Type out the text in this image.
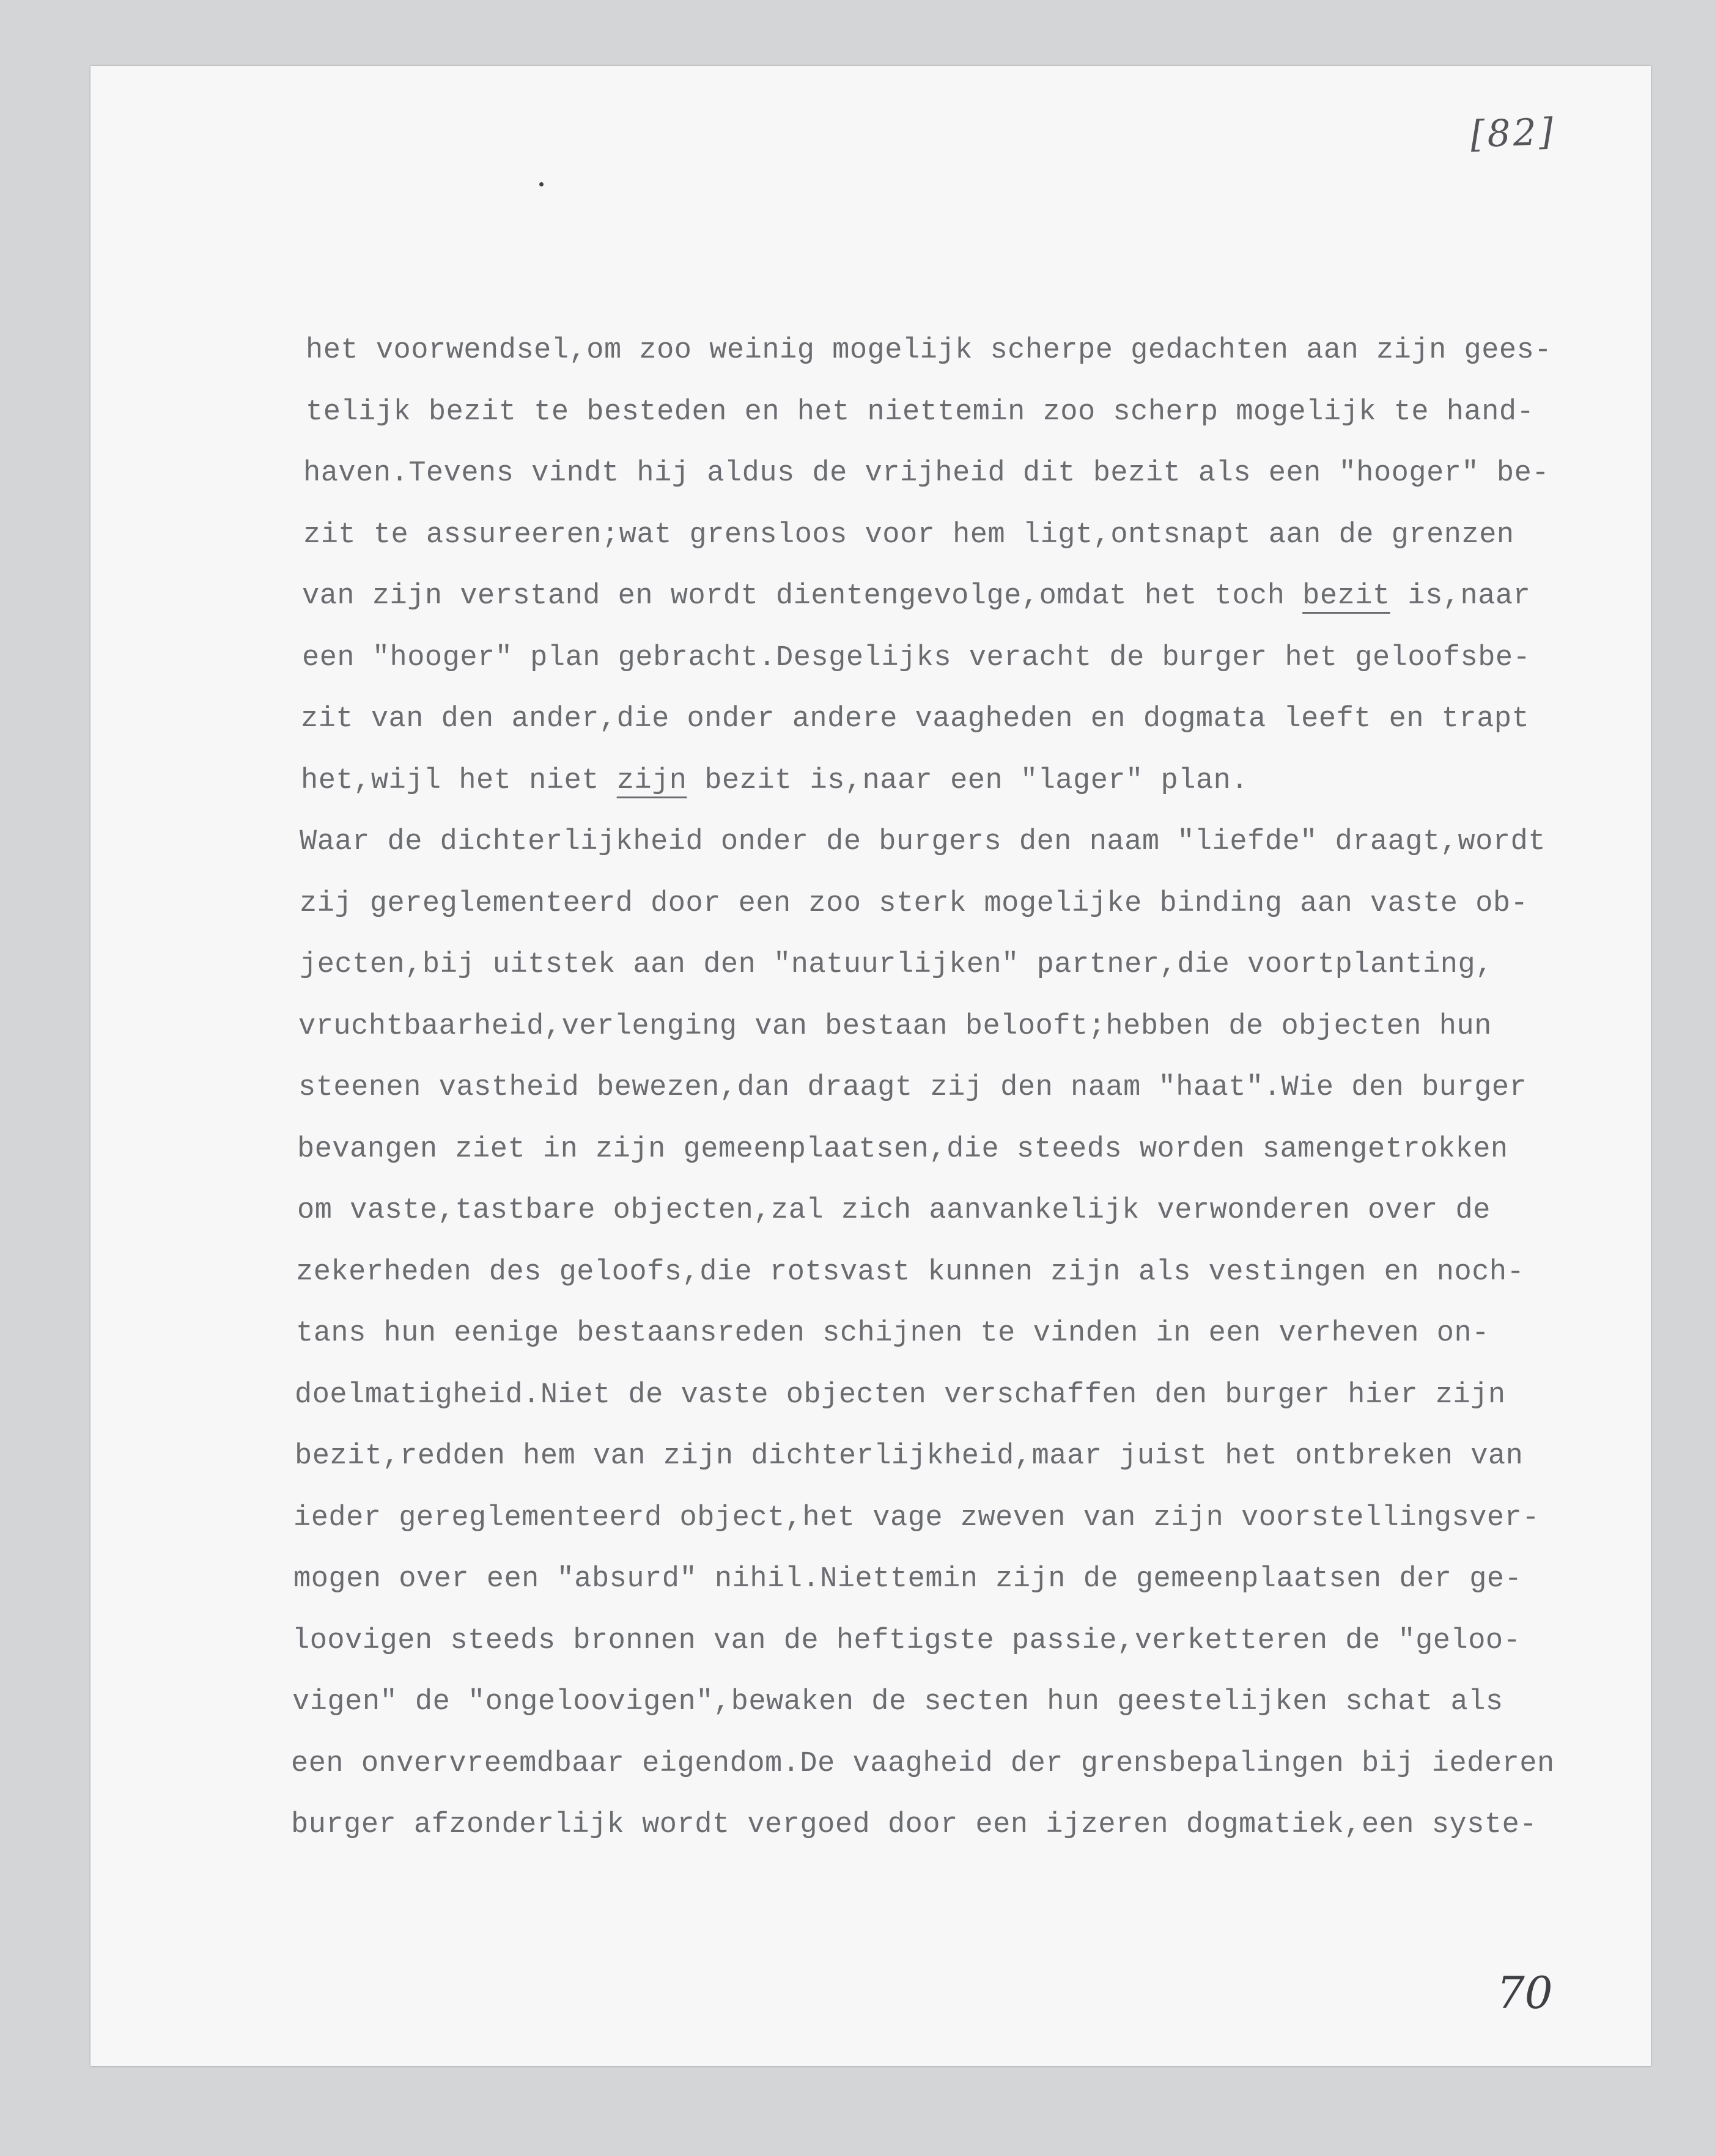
[82]
het voorwendsel,om zoo weinig mogelijk scherpe gedachten aan zijn gees-
telijk bezit te besteden en het niettemin zoo scherp mogelijk te hand-
haven.Tevens vindt hij aldus de vrijheid dit bezit als een "hooger" be-
zit te assureeren;wat grensloos voor hem ligt,ontsnapt aan de grenzen
van zijn verstand en wordt dientengevolge,omdat het toch bezit is,naar
een "hooger" plan gebracht.Desgelijks veracht de burger het geloofsbe-
zit van den ander,die onder andere vaagheden en dogmata leeft en trapt
het,wijl het niet zijn bezit is,naar een "lager" plan.
Waar de dichterlijkheid onder de burgers den naam "liefde" draagt,wordt
zij gereglementeerd door een zoo sterk mogelijke binding aan vaste ob-
jecten,bij uitstek aan den "natuurlijken" partner,die voortplanting,
vruchtbaarheid,verlenging van bestaan belooft;hebben de objecten hun
steenen vastheid bewezen,dan draagt zij den naam "haat".Wie den burger
bevangen ziet in zijn gemeenplaatsen,die steeds worden samengetrokken
om vaste,tastbare objecten,zal zich aanvankelijk verwonderen over de
zekerheden des geloofs,die rotsvast kunnen zijn als vestingen en noch-
tans hun eenige bestaansreden schijnen te vinden in een verheven on-
doelmatigheid.Niet de vaste objecten verschaffen den burger hier zijn
bezit,redden hem van zijn dichterlijkheid,maar juist het ontbreken van
ieder gereglementeerd object,het vage zweven van zijn voorstellingsver-
mogen over een "absurd" nihil.Niettemin zijn de gemeenplaatsen der ge-
loovigen steeds bronnen van de heftigste passie,verketteren de "geloo-
vigen" de "ongeloovigen",bewaken de secten hun geestelijken schat als
een onvervreemdbaar eigendom.De vaagheid der grensbepalingen bij iederen
burger afzonderlijk wordt vergoed door een ijzeren dogmatiek,een syste-
70
